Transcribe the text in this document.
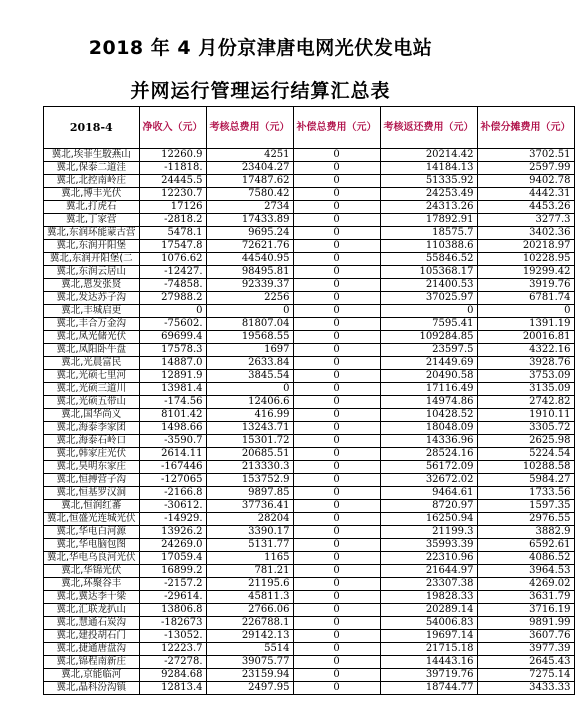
2018 年 4 月份京津唐电网光伏发电站
并网运行管理运行结算汇总表
2018-4	净收入（元）	考核总费用（元）	补偿总费用（元）	考核返还费用（元）	补偿分摊费用（元）
冀北,埃菲生駮燕山	12260.9	4251	0	20214.42	3702.51
冀北,保泰二道洼	-11818.	23404.27	0	14184.13	2597.99
冀北,北控南岭庄	24445.5	17487.62	0	51335.92	9402.78
冀北,博丰光伏	12230.7	7580.42	0	24253.49	4442.31
冀北,打虎石	17126	2734	0	24313.26	4453.26
冀北,丁家营	-2818.2	17433.89	0	17892.91	3277.3
冀北,东润环能蒙古营	5478.1	9695.24	0	18575.7	3402.36
冀北,东润开阳堡	17547.8	72621.76	0	110388.6	20218.97
冀北,东润开阳堡(二	1076.62	44540.95	0	55846.52	10228.95
冀北,东润云居山	-12427.	98495.81	0	105368.17	19299.42
冀北,恩发张贤	-74858.	92339.37	0	21400.53	3919.76
冀北,发达苏子沟	27988.2	2256	0	37025.97	6781.74
冀北,丰城启更	0	0	0	0	0
冀北,丰合万金沟	-75602.	81807.04	0	7595.41	1391.19
冀北,凤光储光伏	69699.4	19568.55	0	109284.85	20016.81
冀北,凤阳卧牛盘	17578.3	1697	0	23597.5	4322.16
冀北,光晨富民	14887.0	2633.84	0	21449.69	3928.76
冀北,光硕七里河	12891.9	3845.54	0	20490.58	3753.09
冀北,光硕三道川	13981.4	0	0	17116.49	3135.09
冀北,光硕五带山	-174.56	12406.6	0	14974.86	2742.82
冀北,国华尚义	8101.42	416.99	0	10428.52	1910.11
冀北,海泰李家团	1498.66	13243.71	0	18048.09	3305.72
冀北,海泰石岭口	-3590.7	15301.72	0	14336.96	2625.98
冀北,韩家庄光伏	2614.11	20685.51	0	28524.16	5224.54
冀北,昊明东家庄	-167446	213330.3	0	56172.09	10288.58
冀北,恒搏营子沟	-127065	153752.9	0	32672.02	5984.27
冀北,恒基罗汉洞	-2166.8	9897.85	0	9464.61	1733.56
冀北,恒润红蕃	-30612.	37736.41	0	8720.97	1597.35
冀北,恒盛光连城光伏	-14929.	28204	0	16250.94	2976.55
冀北,华电白河源	13926.2	3390.17	0	21199.3	3882.9
冀北,华电脑包图	24269.0	5131.77	0	35993.39	6592.61
冀北,华电乌良河光伏	17059.4	1165	0	22310.96	4086.52
冀北,华锦光伏	16899.2	781.21	0	21644.97	3964.53
冀北,环聚谷丰	-2157.2	21195.6	0	23307.38	4269.02
冀北,冀达李十梁	-29614.	45811.3	0	19828.33	3631.79
冀北,汇联龙扒山	13806.8	2766.06	0	20289.14	3716.19
冀北,慧通石炭沟	-182673	226788.1	0	54006.83	9891.99
冀北,建投胡石门	-13052.	29142.13	0	19697.14	3607.76
冀北,捷通唐盘沟	12223.7	5514	0	21715.18	3977.39
冀北,锦程南新庄	-27278.	39075.77	0	14443.16	2645.43
冀北,京能临河	9284.68	23159.94	0	39719.76	7275.14
冀北,晶科汾沟镇	12813.4	2497.95	0	18744.77	3433.33
